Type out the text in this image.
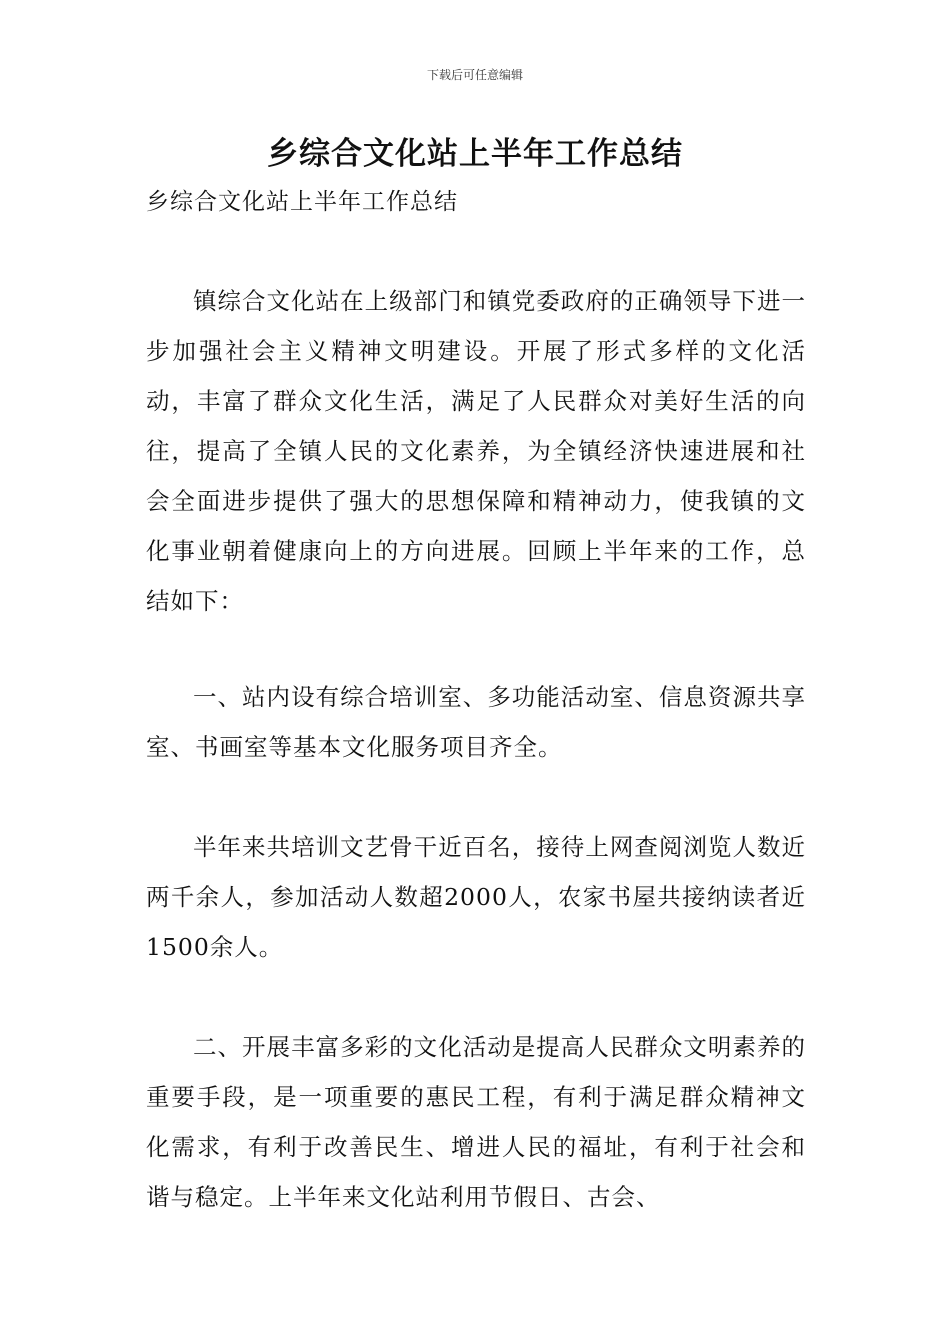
下载后可任意编辑
乡综合文化站上半年工作总结

乡综合文化站上半年工作总结

镇综合文化站在上级部门和镇党委政府的正确领导下进一步加强社会主义精神文明建设。开展了形式多样的文化活动，丰富了群众文化生活，满足了人民群众对美好生活的向往，提高了全镇人民的文化素养，为全镇经济快速进展和社会全面进步提供了强大的思想保障和精神动力，使我镇的文化事业朝着健康向上的方向进展。回顾上半年来的工作，总结如下：

一、站内设有综合培训室、多功能活动室、信息资源共享室、书画室等基本文化服务项目齐全。

半年来共培训文艺骨干近百名，接待上网查阅浏览人数近两千余人，参加活动人数超2000人，农家书屋共接纳读者近1500余人。

二、开展丰富多彩的文化活动是提高人民群众文明素养的重要手段，是一项重要的惠民工程，有利于满足群众精神文化需求，有利于改善民生、增进人民的福址，有利于社会和谐与稳定。上半年来文化站利用节假日、古会、
